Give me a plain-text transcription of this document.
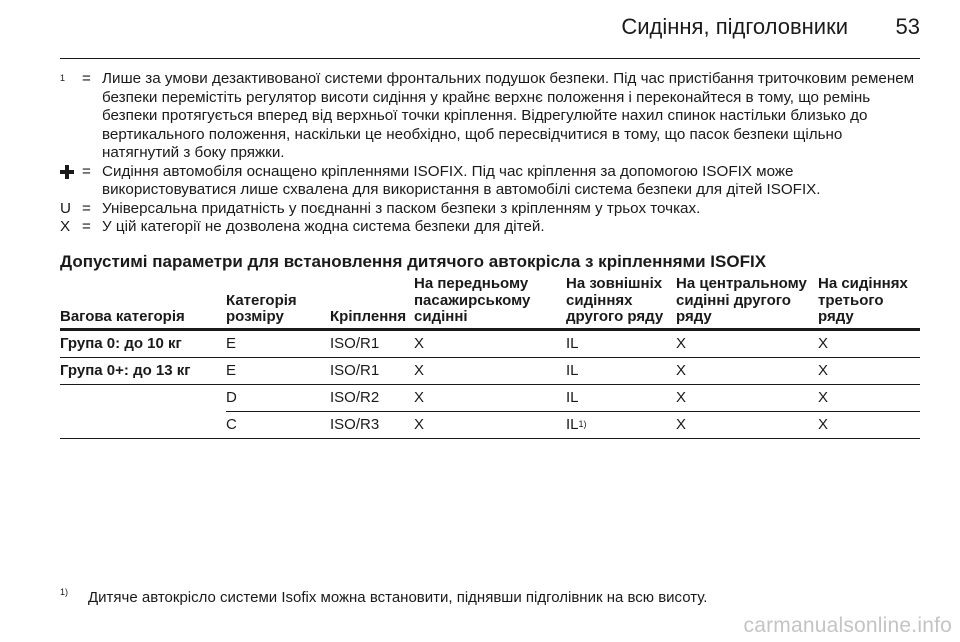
Сидіння, підголовники 53
1	= Лише за умови дезактивованої системи фронтальних подушок безпеки. Під час пристібання триточковим ременем безпеки перемістіть регулятор висоти сидіння у крайнє верхнє положення і переконайтеся в тому, що ремінь безпеки протягується вперед від верхньої точки кріплення. Відрегулюйте нахил спинок настільки близько до вертикального положення, наскільки це необхідно, щоб пересвідчитися в тому, що пасок безпеки щільно натягнутий з боку пряжки.
= Сидіння автомобіля оснащено кріпленнями ISOFIX. Під час кріплення за допомогою ISOFIX може використовуватися лише схвалена для використання в автомобілі система безпеки для дітей ISOFIX.
U = Універсальна придатність у поєднанні з паском безпеки з кріпленням у трьох точках.
X = У цій категорії не дозволена жодна система безпеки для дітей.
Допустимі параметри для встановлення дитячого автокрісла з кріпленнями ISOFIX
Вагова категорія	Категорія розміру	Кріплення	На передньому пасажирському сидінні	На зовнішніх сидіннях другого ряду	На центральному сидінні другого ряду	На сидіннях третього ряду
Група 0: до 10 кг	E	ISO/R1	X	IL	X	X
Група 0+: до 13 кг	E	ISO/R1	X	IL	X	X
	D	ISO/R2	X	IL	X	X
	C	ISO/R3	X	IL1)	X	X
1)	Дитяче автокрісло системи Isofix можна встановити, піднявши підголівник на всю висоту.
carmanualsonline.info
